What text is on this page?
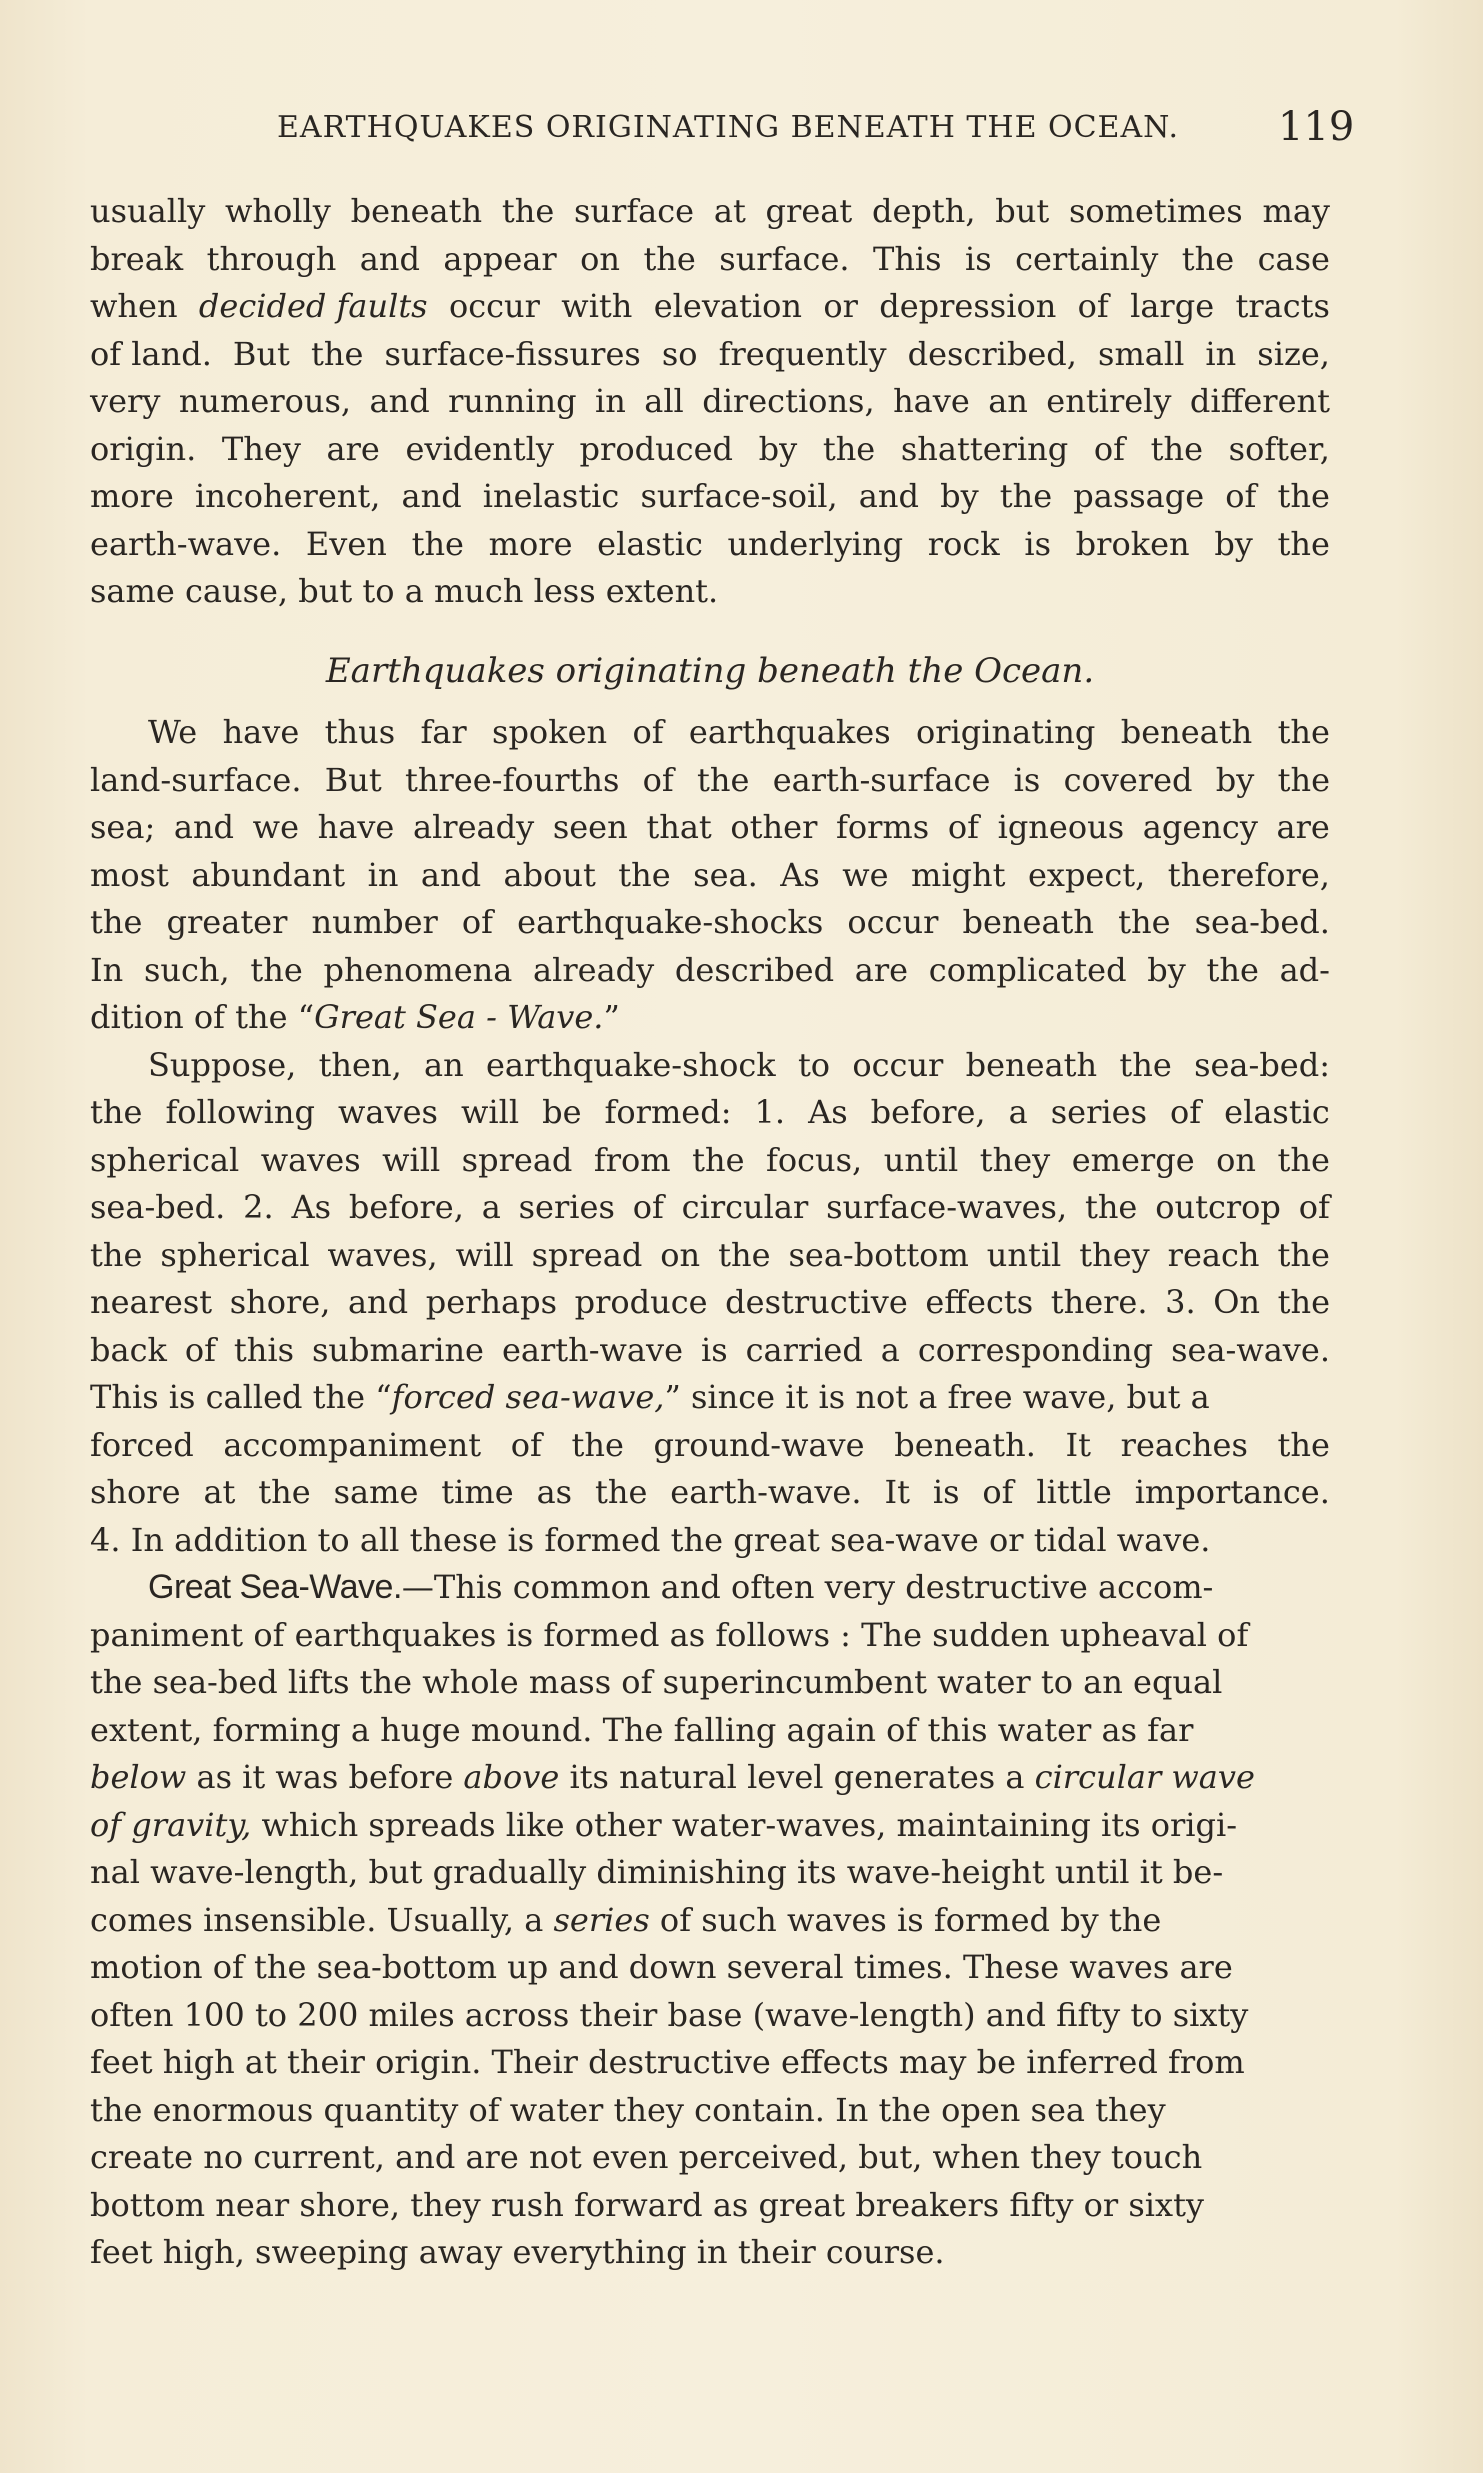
EARTHQUAKES ORIGINATING BENEATH THE OCEAN. 119
usually wholly beneath the surface at great depth, but sometimes may
break through and appear on the surface. This is certainly the case
when decided faults occur with elevation or depression of large tracts
of land. But the surface-fissures so frequently described, small in size,
very numerous, and running in all directions, have an entirely different
origin. They are evidently produced by the shattering of the softer,
more incoherent, and inelastic surface-soil, and by the passage of the
earth-wave. Even the more elastic underlying rock is broken by the
same cause, but to a much less extent.
Earthquakes originating beneath the Ocean.
We have thus far spoken of earthquakes originating beneath the
land-surface. But three-fourths of the earth-surface is covered by the
sea; and we have already seen that other forms of igneous agency are
most abundant in and about the sea. As we might expect, therefore,
the greater number of earthquake-shocks occur beneath the sea-bed.
In such, the phenomena already described are complicated by the ad-
dition of the “Great Sea - Wave.”
Suppose, then, an earthquake-shock to occur beneath the sea-bed:
the following waves will be formed: 1. As before, a series of elastic
spherical waves will spread from the focus, until they emerge on the
sea-bed. 2. As before, a series of circular surface-waves, the outcrop of
the spherical waves, will spread on the sea-bottom until they reach the
nearest shore, and perhaps produce destructive effects there. 3. On the
back of this submarine earth-wave is carried a corresponding sea-wave.
This is called the “forced sea-wave,” since it is not a free wave, but a
forced accompaniment of the ground-wave beneath. It reaches the
shore at the same time as the earth-wave. It is of little importance.
4. In addition to all these is formed the great sea-wave or tidal wave.
Great Sea-Wave.—This common and often very destructive accom-
paniment of earthquakes is formed as follows : The sudden upheaval of
the sea-bed lifts the whole mass of superincumbent water to an equal
extent, forming a huge mound. The falling again of this water as far
below as it was before above its natural level generates a circular wave
of gravity, which spreads like other water-waves, maintaining its origi-
nal wave-length, but gradually diminishing its wave-height until it be-
comes insensible. Usually, a series of such waves is formed by the
motion of the sea-bottom up and down several times. These waves are
often 100 to 200 miles across their base (wave-length) and fifty to sixty
feet high at their origin. Their destructive effects may be inferred from
the enormous quantity of water they contain. In the open sea they
create no current, and are not even perceived, but, when they touch
bottom near shore, they rush forward as great breakers fifty or sixty
feet high, sweeping away everything in their course.
